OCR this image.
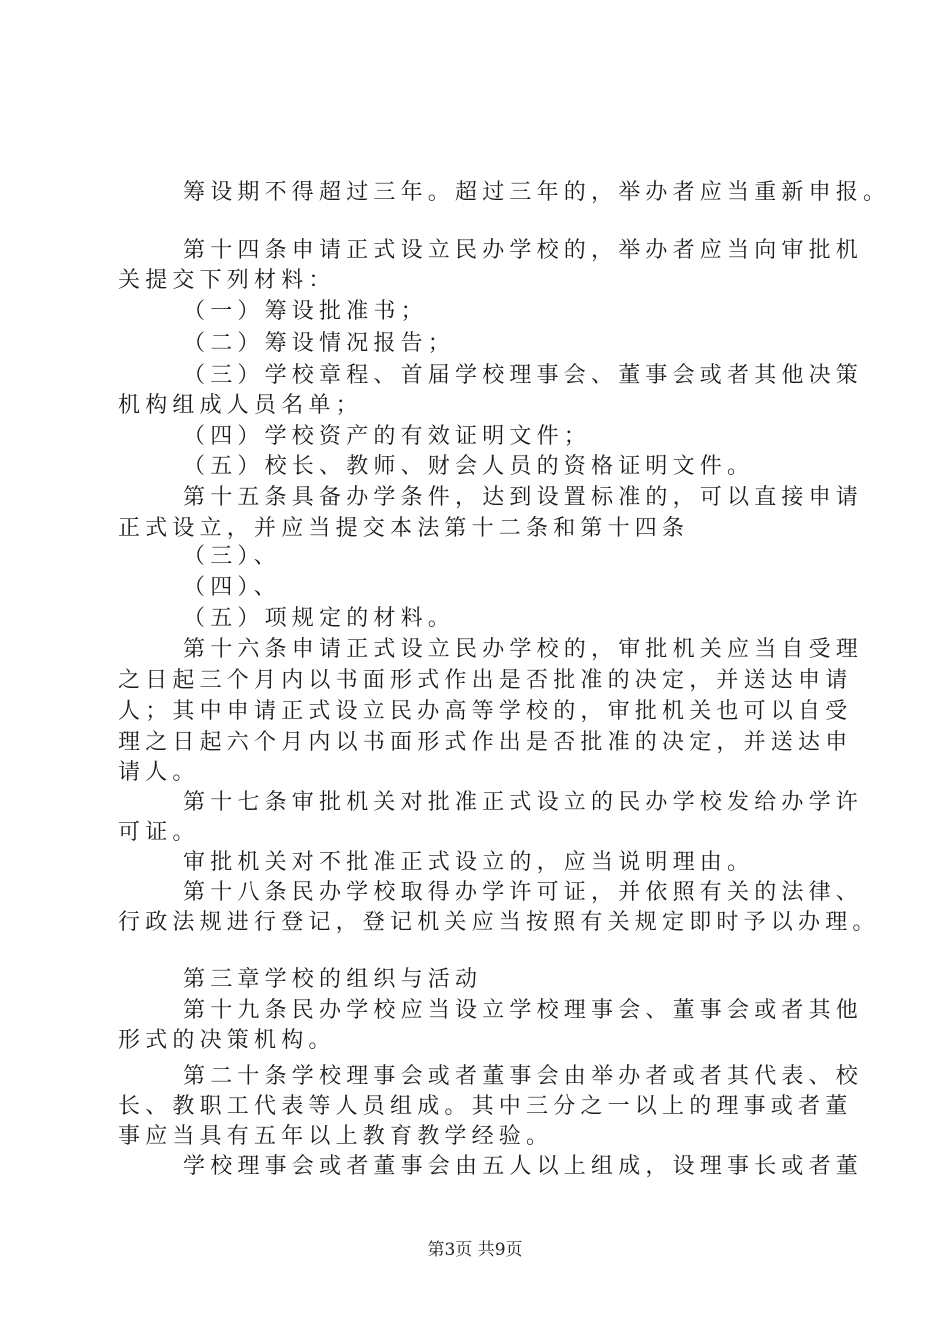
筹设期不得超过三年。超过三年的，举办者应当重新申报。
第十四条申请正式设立民办学校的，举办者应当向审批机
关提交下列材料：
（一）筹设批准书；
（二）筹设情况报告；
（三）学校章程、首届学校理事会、董事会或者其他决策
机构组成人员名单；
（四）学校资产的有效证明文件；
（五）校长、教师、财会人员的资格证明文件。
第十五条具备办学条件，达到设置标准的，可以直接申请
正式设立，并应当提交本法第十二条和第十四条
（三）、
（四）、
（五）项规定的材料。
第十六条申请正式设立民办学校的，审批机关应当自受理
之日起三个月内以书面形式作出是否批准的决定，并送达申请
人；其中申请正式设立民办高等学校的，审批机关也可以自受
理之日起六个月内以书面形式作出是否批准的决定，并送达申
请人。
第十七条审批机关对批准正式设立的民办学校发给办学许
可证。
审批机关对不批准正式设立的，应当说明理由。
第十八条民办学校取得办学许可证，并依照有关的法律、
行政法规进行登记，登记机关应当按照有关规定即时予以办理。
第三章学校的组织与活动
第十九条民办学校应当设立学校理事会、董事会或者其他
形式的决策机构。
第二十条学校理事会或者董事会由举办者或者其代表、校
长、教职工代表等人员组成。其中三分之一以上的理事或者董
事应当具有五年以上教育教学经验。
学校理事会或者董事会由五人以上组成，设理事长或者董
第3页 共9页
